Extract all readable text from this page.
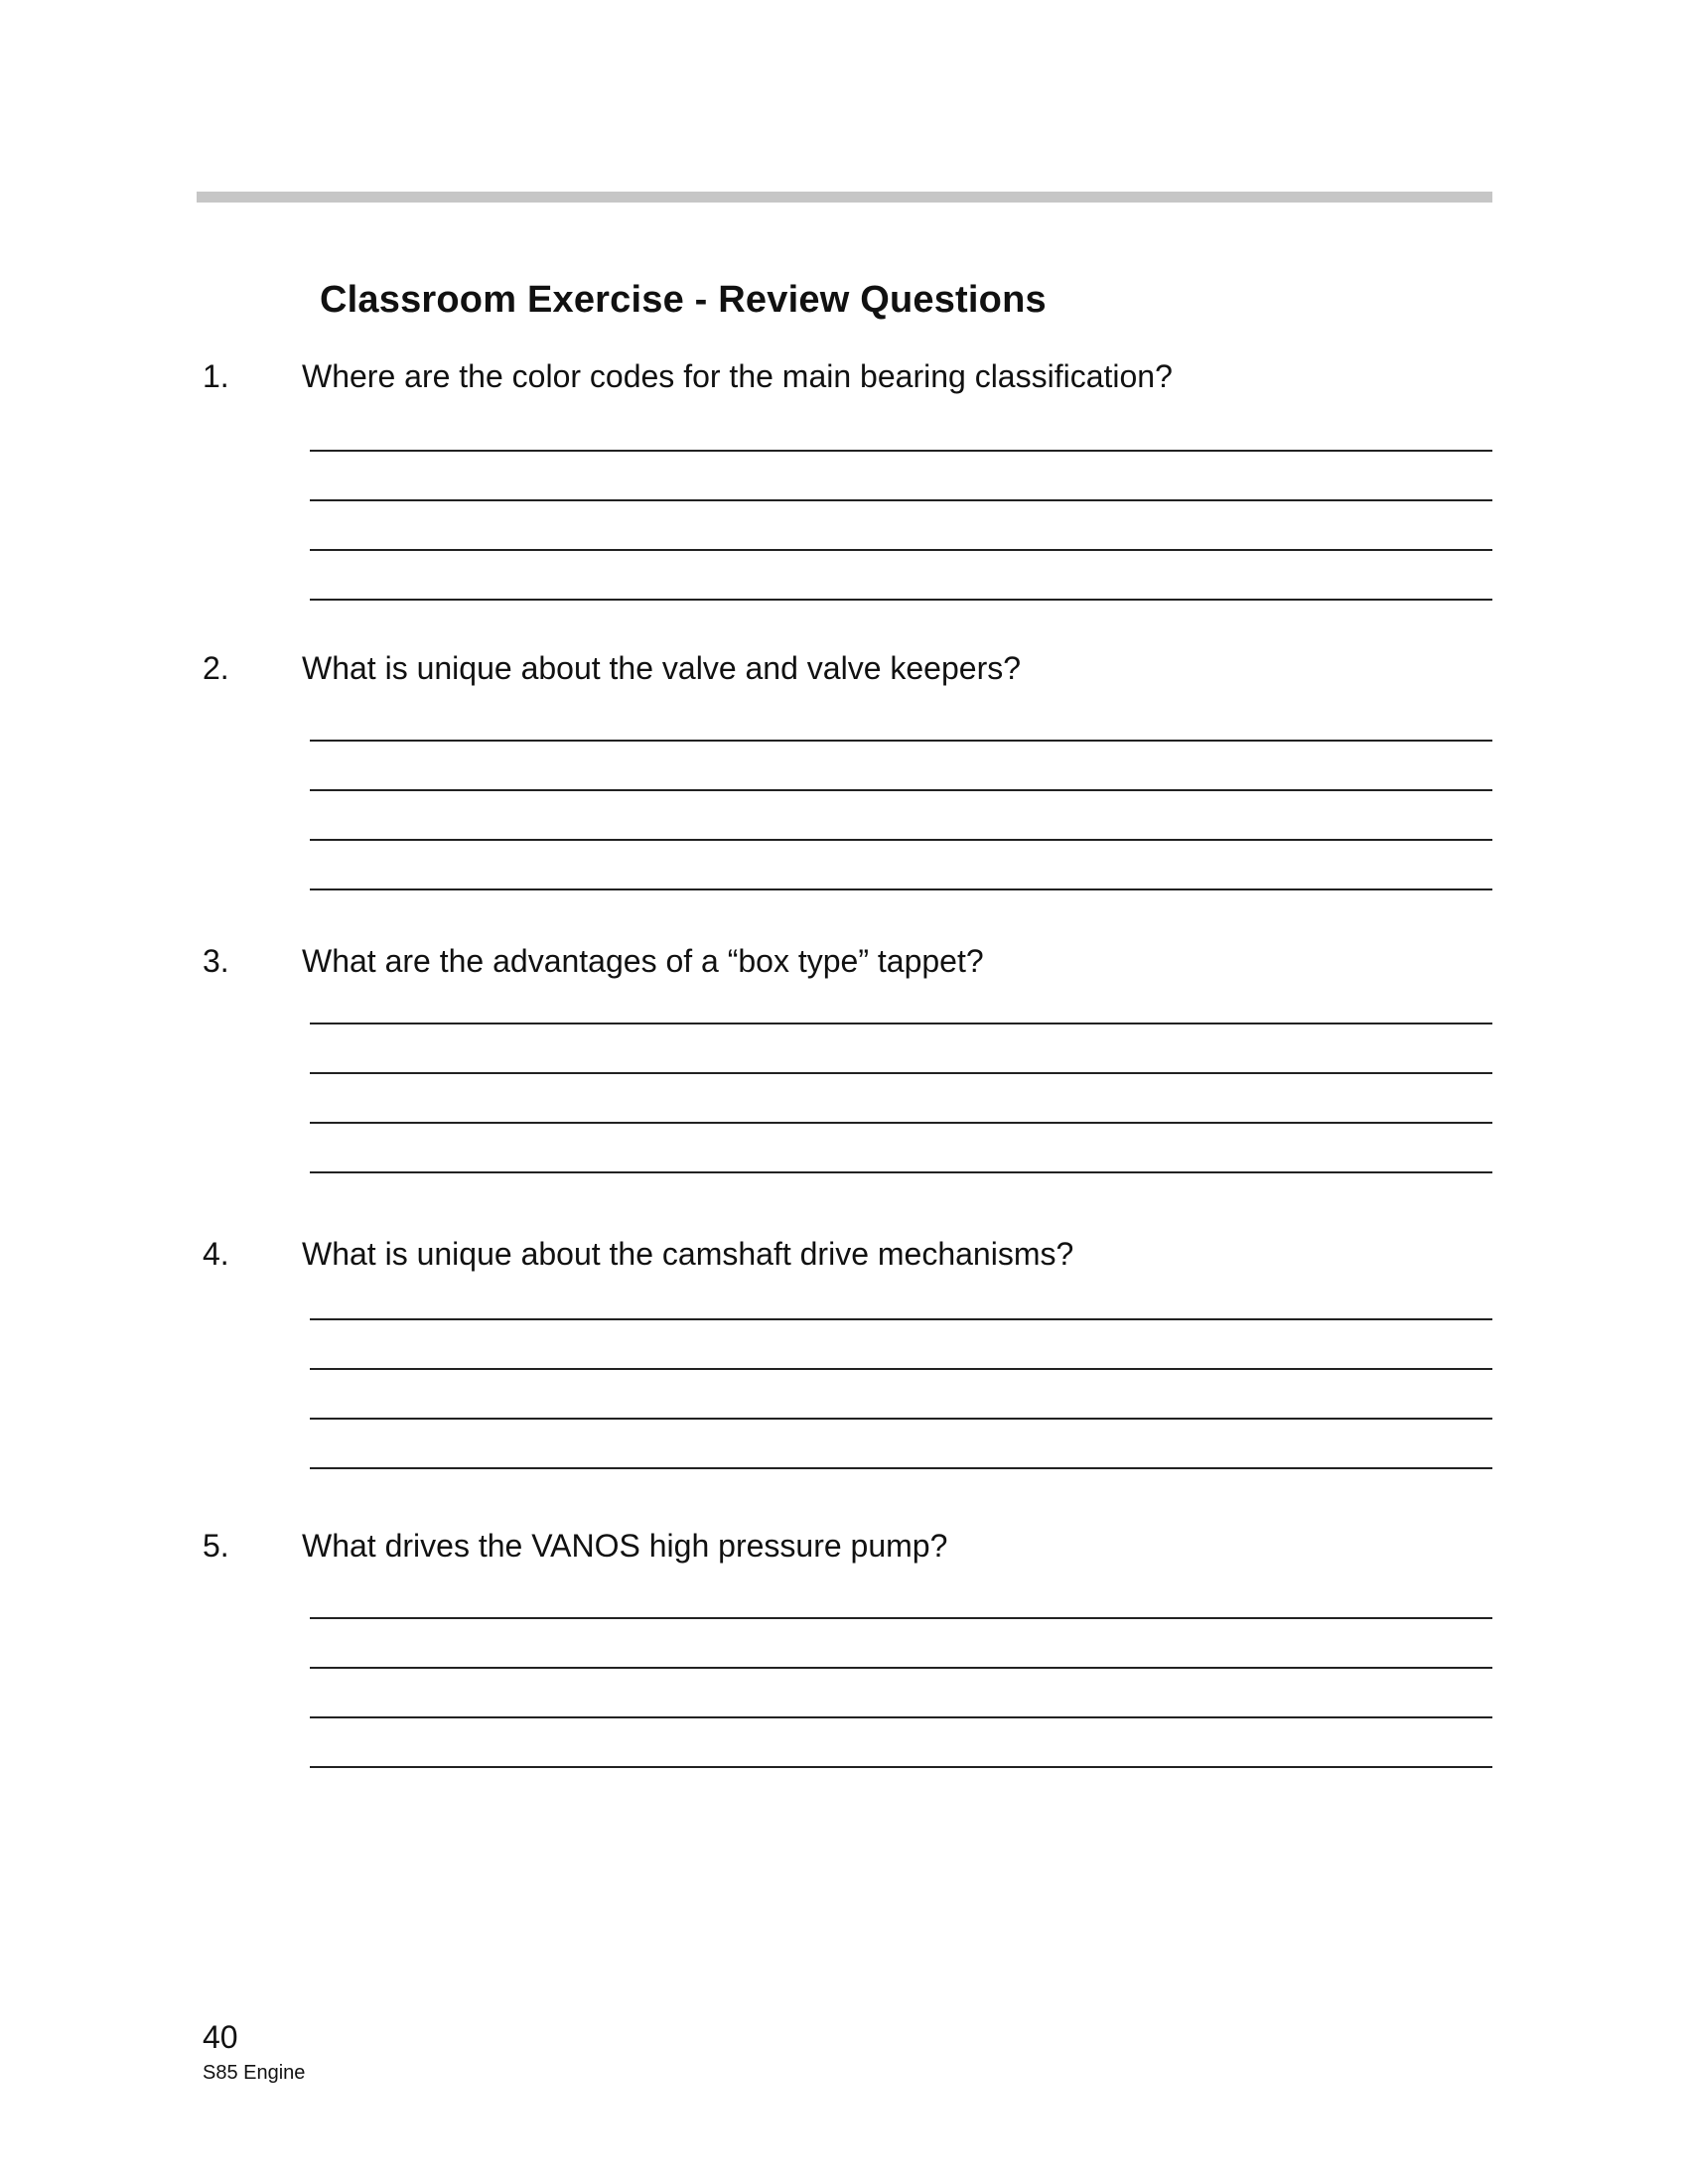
Classroom Exercise - Review Questions
1. Where are the color codes for the main bearing classification?
2. What is unique about the valve and valve keepers?
3. What are the advantages of a “box type” tappet?
4. What is unique about the camshaft drive mechanisms?
5. What drives the VANOS high pressure pump?
40
S85 Engine
